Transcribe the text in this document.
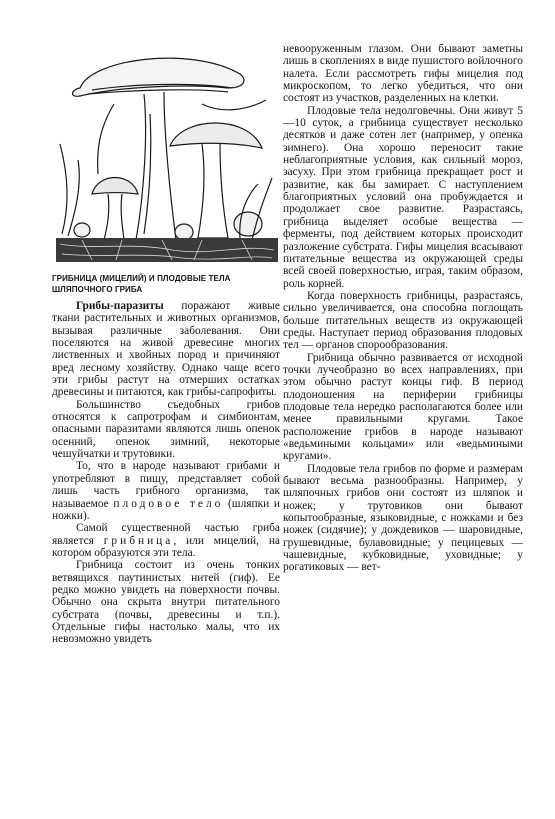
ГРИБНИЦА (МИЦЕЛИЙ) И ПЛОДОВЫЕ ТЕЛА ШЛЯПОЧНОГО ГРИБА

Грибы-паразиты поражают живые ткани растительных и животных организмов, вызывая различные заболевания. Они поселяются на живой древесине многих лиственных и хвойных пород и причиняют вред лесному хозяйству. Однако чаще всего эти грибы растут на отмерших остатках древесины и питаются, как грибы-сапрофиты.

Большинство съедобных грибов относятся к сапротрофам и симбионтам, опасными паразитами являются лишь опенок осенний, опенок зимний, некоторые чешуйчатки и трутовики.

То, что в народе называют грибами и употребляют в пищу, представляет собой лишь часть грибного организма, так называемое плодовое тело (шляпки и ножки).

Самой существенной частью гриба является грибница, или мицелий, на котором образуются эти тела.

Грибница состоит из очень тонких ветвящихся паутинистых нитей (гиф). Ее редко можно увидеть на поверхности почвы. Обычно она скрыта внутри питательного субстрата (почвы, древесины и т.п.). Отдельные гифы настолько малы, что их невозможно увидеть

невооруженным глазом. Они бывают заметны лишь в скоплениях в виде пушистого войлочного налета. Если рассмотреть гифы мицелия под микроскопом, то легко убедиться, что они состоят из участков, разделенных на клетки.

Плодовые тела недолговечны. Они живут 5—10 суток, а грибница существует несколько десятков и даже сотен лет (например, у опенка зимнего). Она хорошо переносит такие неблагоприятные условия, как сильный мороз, засуху. При этом грибница прекращает рост и развитие, как бы замирает. С наступлением благоприятных условий она пробуждается и продолжает свое развитие. Разрастаясь, грибница выделяет особые вещества — ферменты, под действием которых происходит разложение субстрата. Гифы мицелия всасывают питательные вещества из окружающей среды всей своей поверхностью, играя, таким образом, роль корней.

Когда поверхность грибницы, разрастаясь, сильно увеличивается, она способна поглощать больше питательных веществ из окружающей среды. Наступает период образования плодовых тел — органов спорообразования.

Грибница обычно развивается от исходной точки лучеобразно во всех направлениях, при этом обычно растут концы гиф. В период плодоношения на периферии грибницы плодовые тела нередко располагаются более или менее правильными кругами. Такое расположение грибов в народе называют «ведьмиными кольцами» или «ведьмиными кругами».

Плодовые тела грибов по форме и размерам бывают весьма разнообразны. Например, у шляпочных грибов они состоят из шляпок и ножек; у трутовиков они бывают копытообразные, языковидные, с ножками и без ножек (сидячие); у дождевиков — шаровидные, грушевидные, булавовидные; у пецицевых — чашевидные, кубковидные, уховидные; у рогатиковых — вет-
